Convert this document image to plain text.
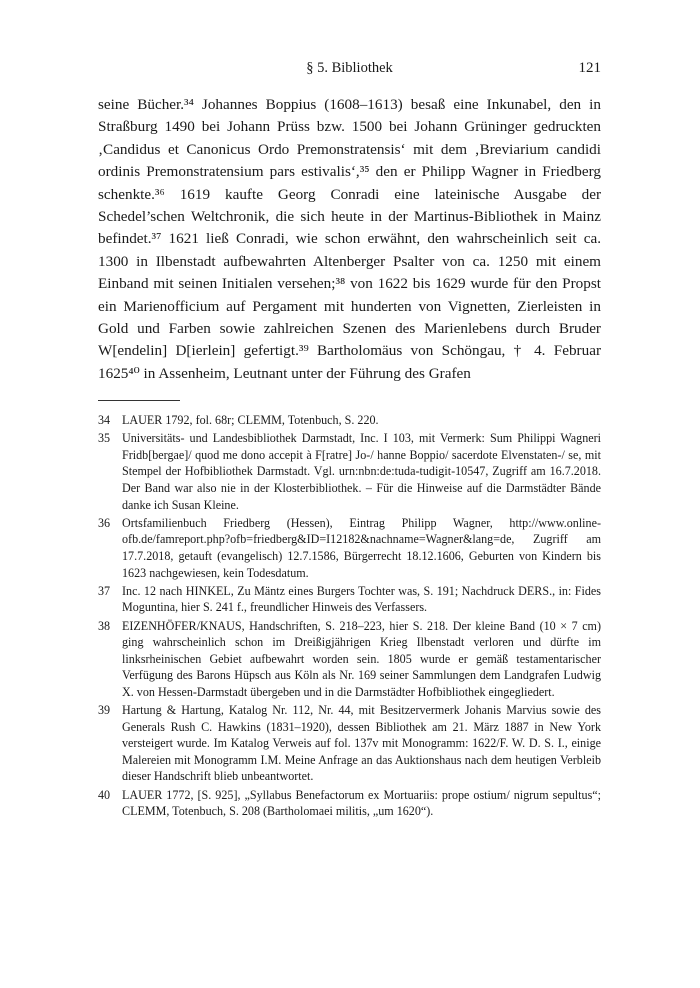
§ 5. Bibliothek	121

seine Bücher.³⁴ Johannes Boppius (1608–1613) besaß eine Inkunabel, den in Straßburg 1490 bei Johann Prüss bzw. 1500 bei Johann Grüninger gedruckten ‚Candidus et Canonicus Ordo Premonstratensis‘ mit dem ‚Breviarium candidi ordinis Premonstratensium pars estivalis‘,³⁵ den er Philipp Wagner in Friedberg schenkte.³⁶ 1619 kaufte Georg Conradi eine lateinische Ausgabe der Schedel’schen Weltchronik, die sich heute in der Martinus-Bibliothek in Mainz befindet.³⁷ 1621 ließ Conradi, wie schon erwähnt, den wahrscheinlich seit ca. 1300 in Ilbenstadt aufbewahrten Altenberger Psalter von ca. 1250 mit einem Einband mit seinen Initialen versehen;³⁸ von 1622 bis 1629 wurde für den Propst ein Marienofficium auf Pergament mit hunderten von Vignetten, Zierleisten in Gold und Farben sowie zahlreichen Szenen des Marienlebens durch Bruder W[endelin] D[ierlein] gefertigt.³⁹ Bartholomäus von Schöngau, † 4. Februar 1625⁴⁰ in Assenheim, Leutnant unter der Führung des Grafen

34 LAUER 1792, fol. 68r; CLEMM, Totenbuch, S. 220.
35 Universitäts- und Landesbibliothek Darmstadt, Inc. I 103, mit Vermerk: Sum Philippi Wagneri Fridb[bergae]/ quod me dono accepit à F[ratre] Jo-/ hanne Boppio/ sacerdote Elvenstaten-/ se, mit Stempel der Hofbibliothek Darmstadt. Vgl. urn:nbn:de:tuda-tudigit-10547, Zugriff am 16.7.2018. Der Band war also nie in der Klosterbibliothek. – Für die Hinweise auf die Darmstädter Bände danke ich Susan Kleine.
36 Ortsfamilienbuch Friedberg (Hessen), Eintrag Philipp Wagner, http://www.online-ofb.de/famreport.php?ofb=friedberg&ID=I12182&nachname=Wagner&lang=de, Zugriff am 17.7.2018, getauft (evangelisch) 12.7.1586, Bürgerrecht 18.12.1606, Geburten von Kindern bis 1623 nachgewiesen, kein Todesdatum.
37 Inc. 12 nach HINKEL, Zu Mäntz eines Burgers Tochter was, S. 191; Nachdruck DERS., in: Fides Moguntina, hier S. 241 f., freundlicher Hinweis des Verfassers.
38 EIZENHÖFER/KNAUS, Handschriften, S. 218–223, hier S. 218. Der kleine Band (10 × 7 cm) ging wahrscheinlich schon im Dreißigjährigen Krieg Ilbenstadt verloren und dürfte im linksrheinischen Gebiet aufbewahrt worden sein. 1805 wurde er gemäß testamentarischer Verfügung des Barons Hüpsch aus Köln als Nr. 169 seiner Sammlungen dem Landgrafen Ludwig X. von Hessen-Darmstadt übergeben und in die Darmstädter Hofbibliothek eingegliedert.
39 Hartung & Hartung, Katalog Nr. 112, Nr. 44, mit Besitzervermerk Johanis Marvius sowie des Generals Rush C. Hawkins (1831–1920), dessen Bibliothek am 21. März 1887 in New York versteigert wurde. Im Katalog Verweis auf fol. 137v mit Monogramm: 1622/F. W. D. S. I., einige Malereien mit Monogramm I.M. Meine Anfrage an das Auktionshaus nach dem heutigen Verbleib dieser Handschrift blieb unbeantwortet.
40 LAUER 1772, [S. 925], „Syllabus Benefactorum ex Mortuariis: prope ostium/ nigrum sepultus“; CLEMM, Totenbuch, S. 208 (Bartholomaei militis, „um 1620“).
